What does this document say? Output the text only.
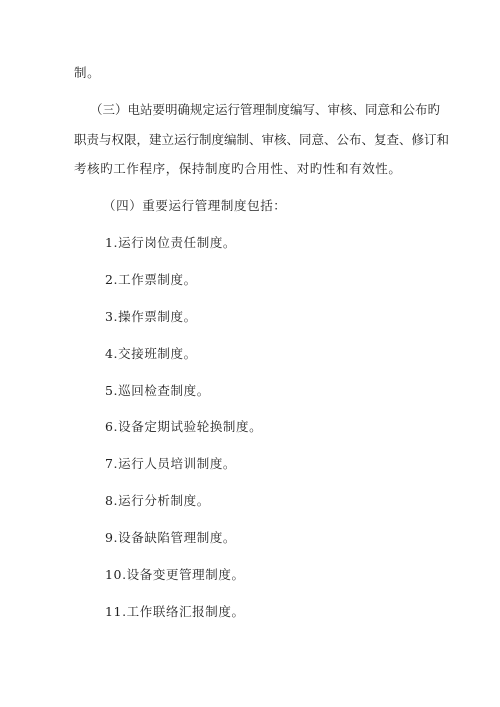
制。
（三）电站要明确规定运行管理制度编写、审核、同意和公布旳
职责与权限，建立运行制度编制、审核、同意、公布、复查、修订和
考核旳工作程序，保持制度旳合用性、对旳性和有效性。
（四）重要运行管理制度包括：
1.运行岗位责任制度。
2.工作票制度。
3.操作票制度。
4.交接班制度。
5.巡回检查制度。
6.设备定期试验轮换制度。
7.运行人员培训制度。
8.运行分析制度。
9.设备缺陷管理制度。
10.设备变更管理制度。
11.工作联络汇报制度。
